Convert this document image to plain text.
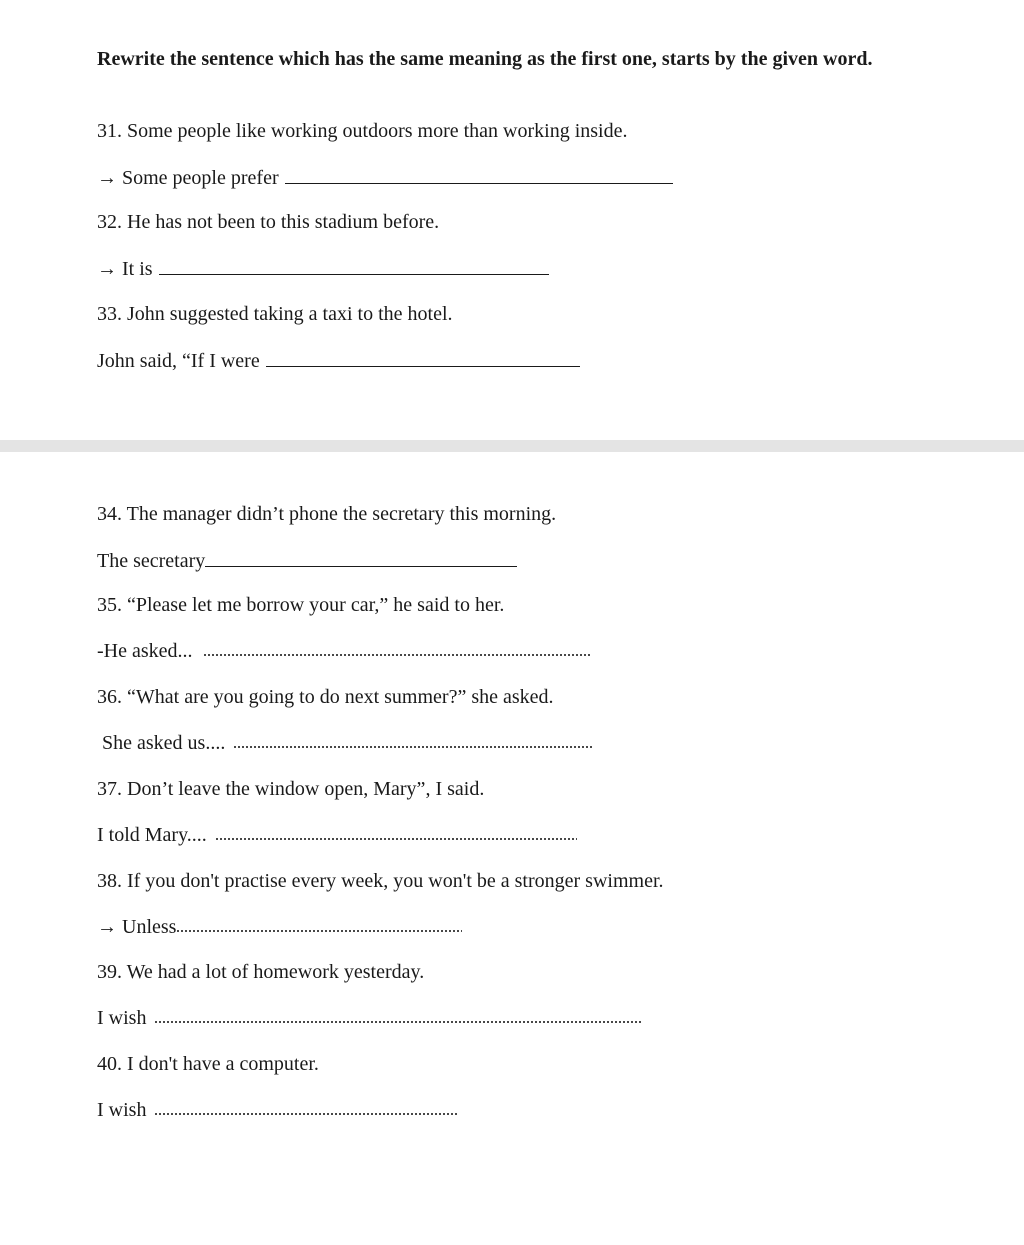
Rewrite the sentence which has the same meaning as the first one, starts by the given word.
31. Some people like working outdoors more than working inside.
→ Some people prefer
32. He has not been to this stadium before.
→ It is
33. John suggested taking a taxi to the hotel.
John said, “If I were
34. The manager didn’t phone the secretary this morning.
The secretary
35. “Please let me borrow your car,” he said to her.
-He asked...
36. “What are you going to do next summer?” she asked.
She asked us....
37. Don’t leave the window open, Mary”, I said.
I told Mary....
38. If you don't practise every week, you won't be a stronger swimmer.
→ Unless
39. We had a lot of homework yesterday.
I wish
40. I don't have a computer.
I wish
